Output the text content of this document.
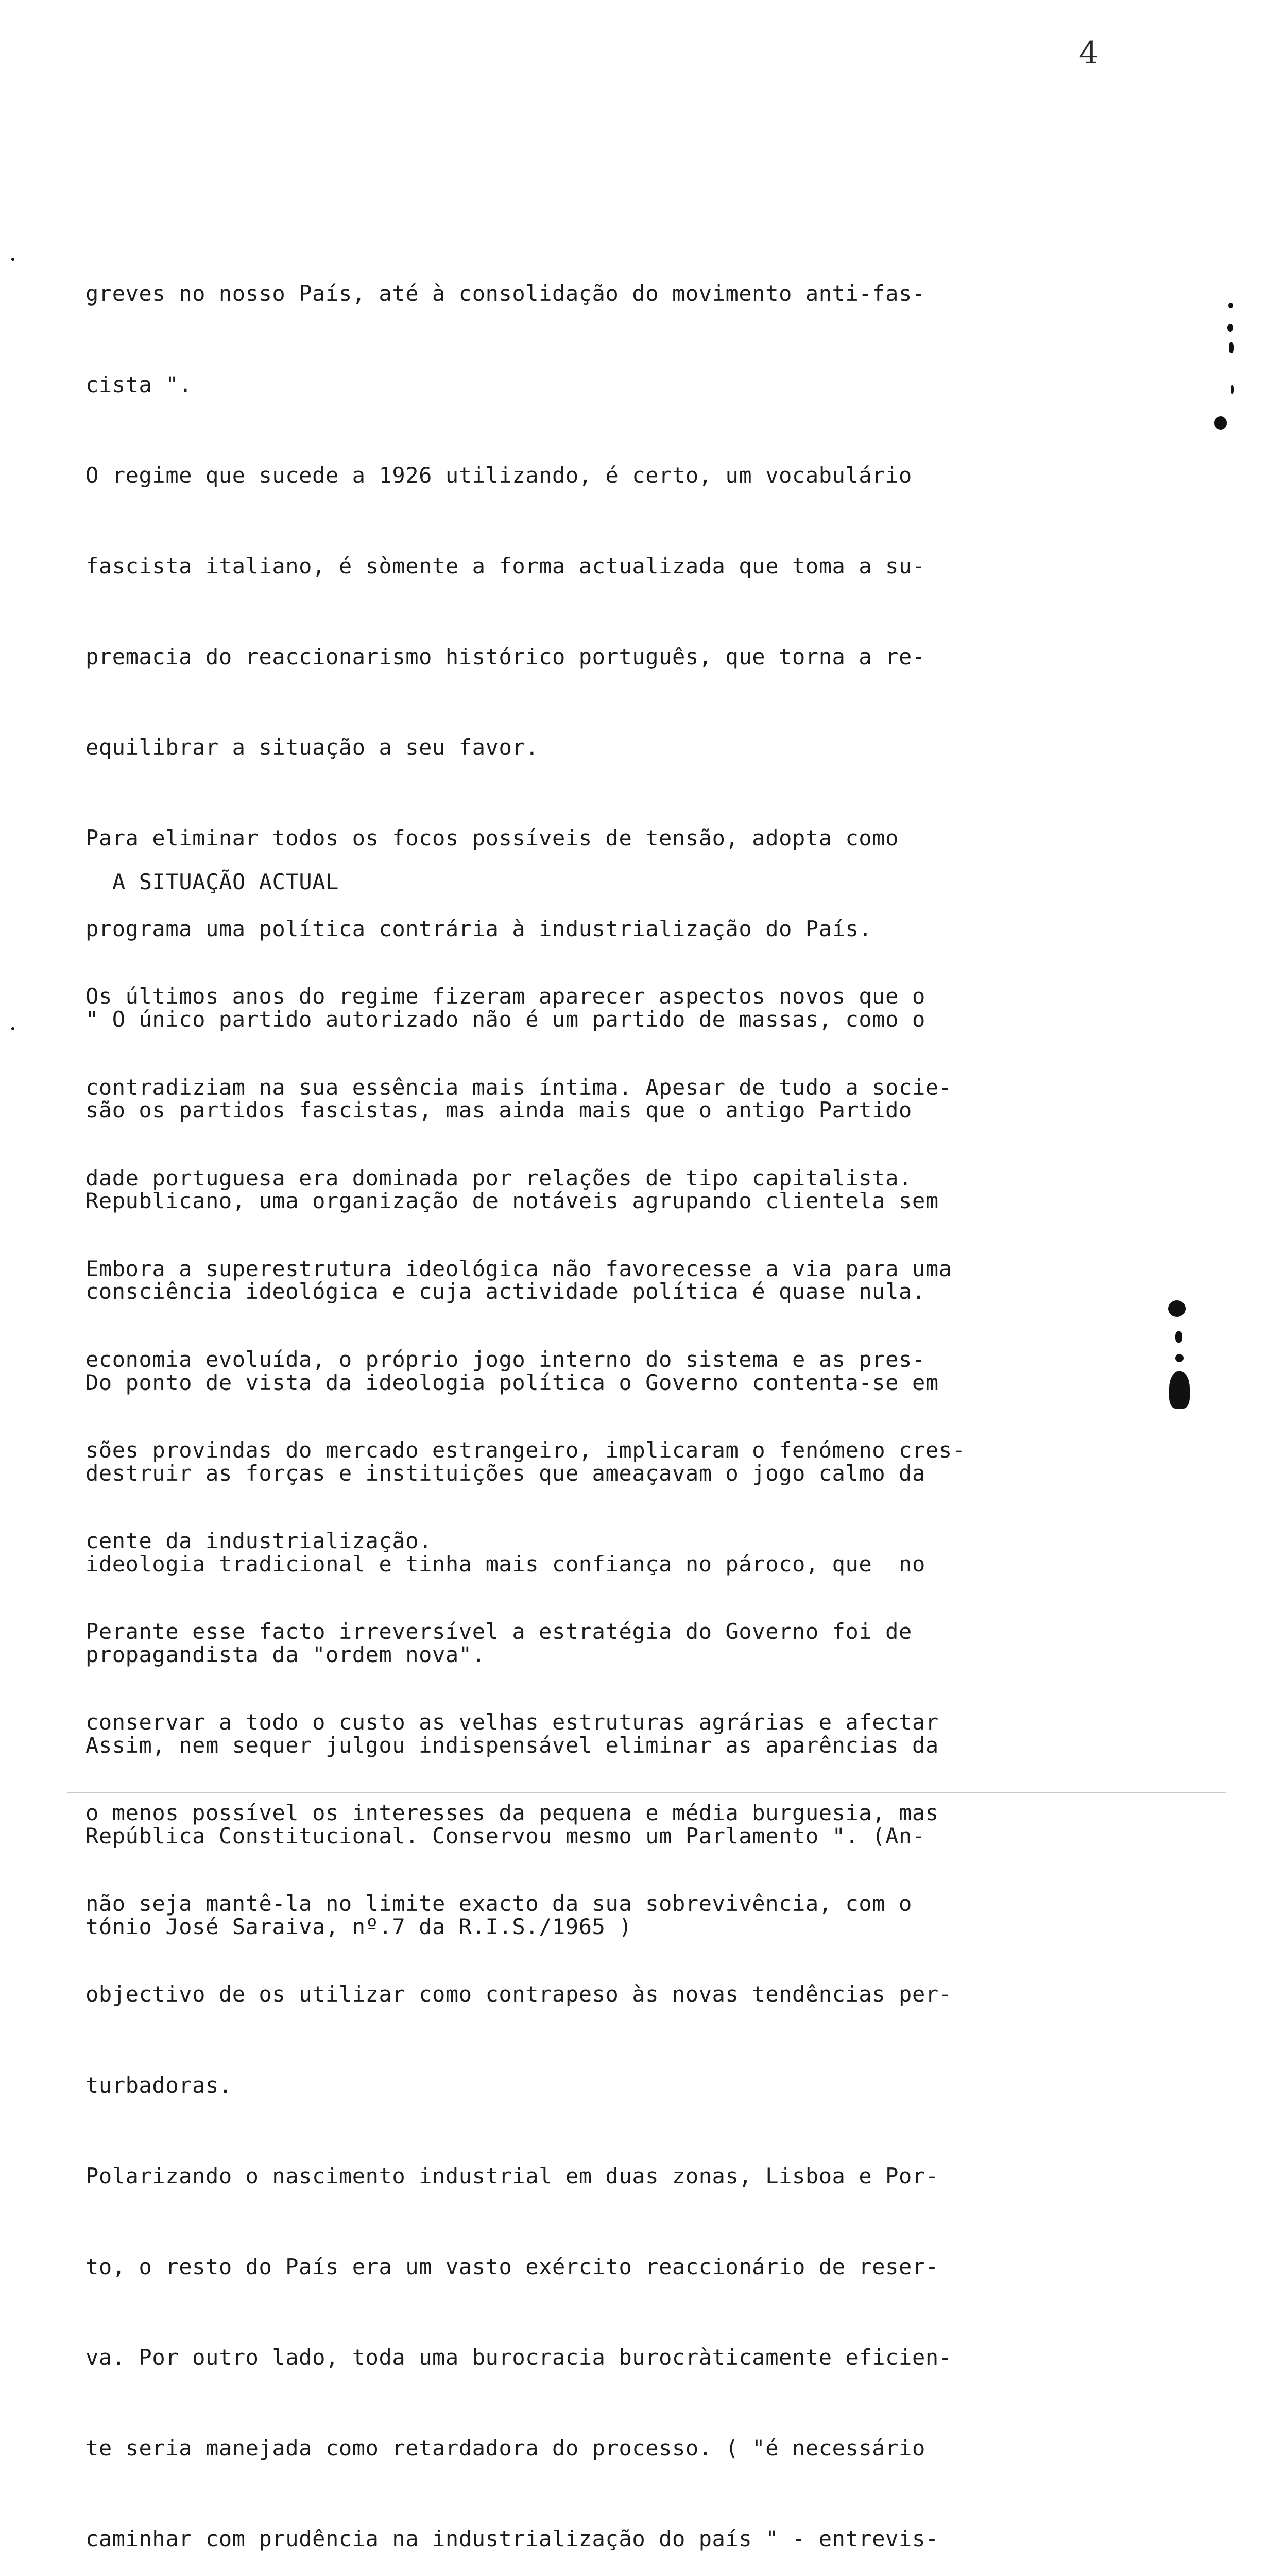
4

greves no nosso País, até à consolidação do movimento anti-fas-

cista ".

O regime que sucede a 1926 utilizando, é certo, um vocabulário

fascista italiano, é sòmente a forma actualizada que toma a su-

premacia do reaccionarismo histórico português, que torna a re-

equilibrar a situação a seu favor.

Para eliminar todos os focos possíveis de tensão, adopta como

programa uma política contrária à industrialização do País.

" O único partido autorizado não é um partido de massas, como o

são os partidos fascistas, mas ainda mais que o antigo Partido

Republicano, uma organização de notáveis agrupando clientela sem

consciência ideológica e cuja actividade política é quase nula.

Do ponto de vista da ideologia política o Governo contenta-se em

destruir as forças e instituições que ameaçavam o jogo calmo da

ideologia tradicional e tinha mais confiança no pároco, que  no

propagandista da "ordem nova".

Assim, nem sequer julgou indispensável eliminar as aparências da

República Constitucional. Conservou mesmo um Parlamento ". (An-

tónio José Saraiva, nº.7 da R.I.S./1965 )

A SITUAÇÃO ACTUAL

Os últimos anos do regime fizeram aparecer aspectos novos que o

contradiziam na sua essência mais íntima. Apesar de tudo a socie-

dade portuguesa era dominada por relações de tipo capitalista.

Embora a superestrutura ideológica não favorecesse a via para uma

economia evoluída, o próprio jogo interno do sistema e as pres-

sões provindas do mercado estrangeiro, implicaram o fenómeno cres-

cente da industrialização.

Perante esse facto irreversível a estratégia do Governo foi de

conservar a todo o custo as velhas estruturas agrárias e afectar

o menos possível os interesses da pequena e média burguesia, mas

não seja mantê-la no limite exacto da sua sobrevivência, com o

objectivo de os utilizar como contrapeso às novas tendências per-

turbadoras.

Polarizando o nascimento industrial em duas zonas, Lisboa e Por-

to, o resto do País era um vasto exército reaccionário de reser-

va. Por outro lado, toda uma burocracia burocràticamente eficien-

te seria manejada como retardadora do processo. ( "é necessário

caminhar com prudência na industrialização do país " - entrevis-
